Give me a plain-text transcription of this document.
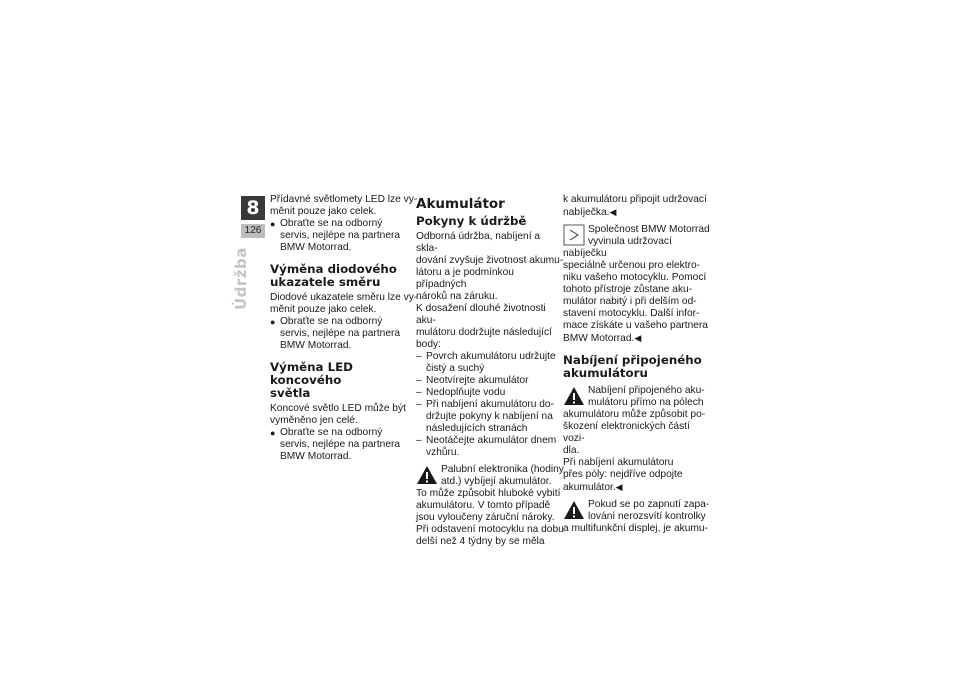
8
126
Údržba
Přídavné světlomety LED lze vy-
měnit pouze jako celek.
● Obraťte se na odborný
servis, nejlépe na partnera
BMW Motorrad.
Výměna diodového
ukazatele směru
Diodové ukazatele směru lze vy-
měnit pouze jako celek.
● Obraťte se na odborný
servis, nejlépe na partnera
BMW Motorrad.
Výměna LED koncového
světla
Koncové světlo LED může být
vyměněno jen celé.
● Obraťte se na odborný
servis, nejlépe na partnera
BMW Motorrad.
Akumulátor
Pokyny k údržbě
Odborná údržba, nabíjení a skla-
dování zvyšuje životnost akumu-
látoru a je podmínkou případných
nároků na záruku.
K dosažení dlouhé životnosti aku-
mulátoru dodržujte následující
body:
– Povrch akumulátoru udržujte
čistý a suchý
– Neotvírejte akumulátor
– Nedoplňujte vodu
– Při nabíjení akumulátoru do-
držujte pokyny k nabíjení na
následujících stranách
– Neotáčejte akumulátor dnem
vzhůru.
Palubní elektronika (hodiny
atd.) vybíjejí akumulátor.
To může způsobit hluboké vybití
akumulátoru. V tomto případě
jsou vyloučeny záruční nároky.
Při odstavení motocyklu na dobu
delší než 4 týdny by se měla
k akumulátoru připojit udržovací
nabíječka.◀
Společnost BMW Motorrad
vyvinula udržovací nabíječku
speciálně určenou pro elektro-
niku vašeho motocyklu. Pomocí
tohoto přístroje zůstane aku-
mulátor nabitý i při delším od-
stavení motocyklu. Další infor-
mace získáte u vašeho partnera
BMW Motorrad.◀
Nabíjení připojeného
akumulátoru
Nabíjení připojeného aku-
mulátoru přímo na pólech
akumulátoru může způsobit po-
škození elektronických částí vozi-
dla.
Při nabíjení akumulátoru
přes póly: nejdříve odpojte
akumulátor.◀
Pokud se po zapnutí zapa-
lování nerozsvítí kontrolky
a multifunkční displej, je akumu-
